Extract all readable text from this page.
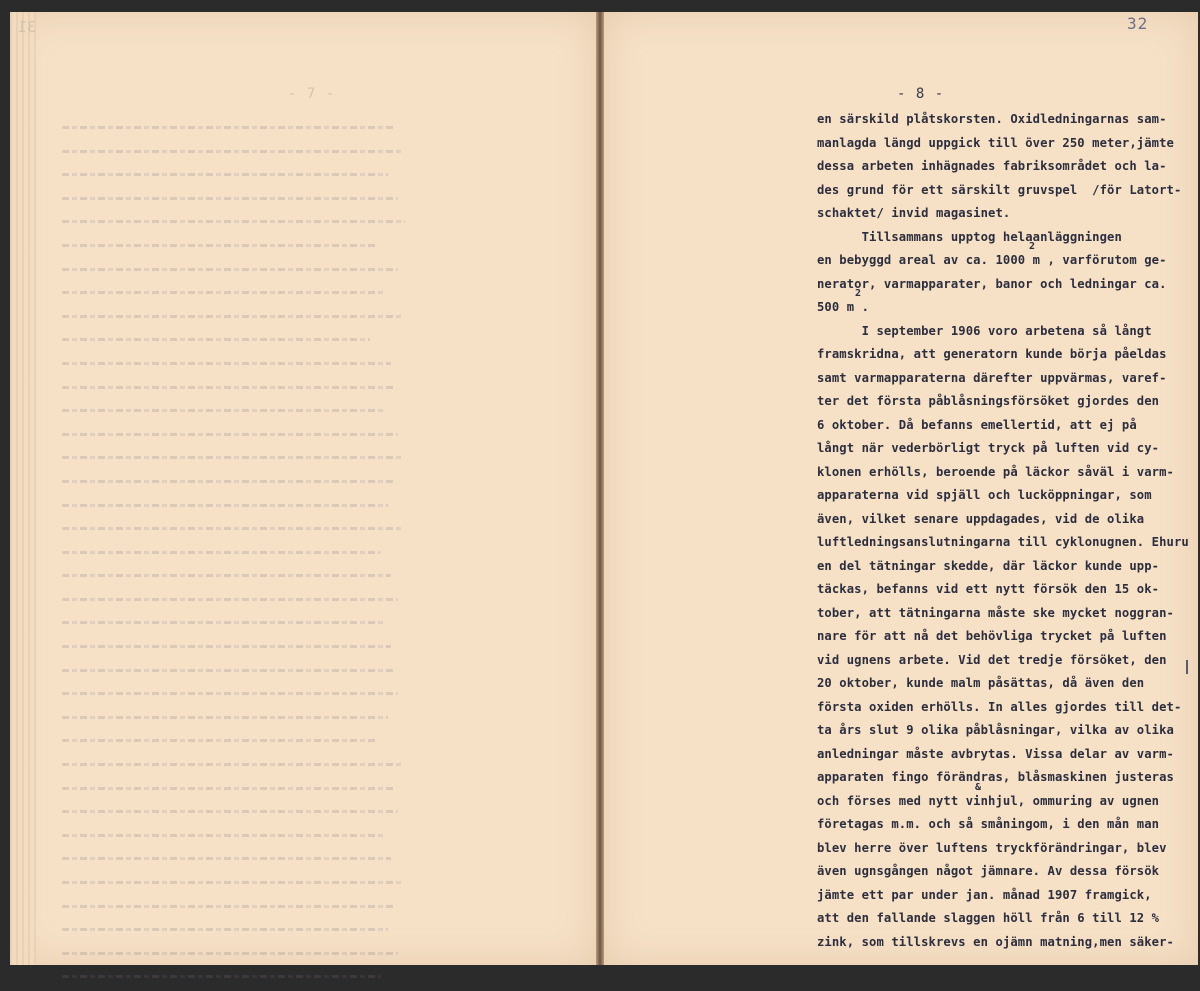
31
- 7 -
32
- 8 -
en särskild plåtskorsten. Oxidledningarnas sam-
manlagda längd uppgick till över 250 meter,jämte
dessa arbeten inhägnades fabriksområdet och la-
des grund för ett särskilt gruvspel  /för Latort-
schaktet/ invid magasinet.
Tillsammans upptog helaanläggningen
2
en bebyggd areal av ca. 1000 m , varförutom ge-
nerator, varmapparater, banor och ledningar ca.
2
500 m .
I september 1906 voro arbetena så långt
framskridna, att generatorn kunde börja påeldas
samt varmapparaterna därefter uppvärmas, varef-
ter det första påblåsningsförsöket gjordes den
6 oktober. Då befanns emellertid, att ej på
långt när vederbörligt tryck på luften vid cy-
klonen erhölls, beroende på läckor såväl i varm-
apparaterna vid spjäll och lucköppningar, som
även, vilket senare uppdagades, vid de olika
luftledningsanslutningarna till cyklonugnen. Ehuru
en del tätningar skedde, där läckor kunde upp-
täckas, befanns vid ett nytt försök den 15 ok-
tober, att tätningarna måste ske mycket noggran-
nare för att nå det behövliga trycket på luften
vid ugnens arbete. Vid det tredje försöket, den
20 oktober, kunde malm påsättas, då även den
första oxiden erhölls. In alles gjordes till det-
ta års slut 9 olika påblåsningar, vilka av olika
anledningar måste avbrytas. Vissa delar av varm-
apparaten fingo förändras, blåsmaskinen justeras
&
och förses med nytt vinhjul, ommuring av ugnen
företagas m.m. och så småningom, i den mån man
blev herre över luftens tryckförändringar, blev
även ugnsgången något jämnare. Av dessa försök
jämte ett par under jan. månad 1907 framgick,
att den fallande slaggen höll från 6 till 12 %
zink, som tillskrevs en ojämn matning,men säker-
